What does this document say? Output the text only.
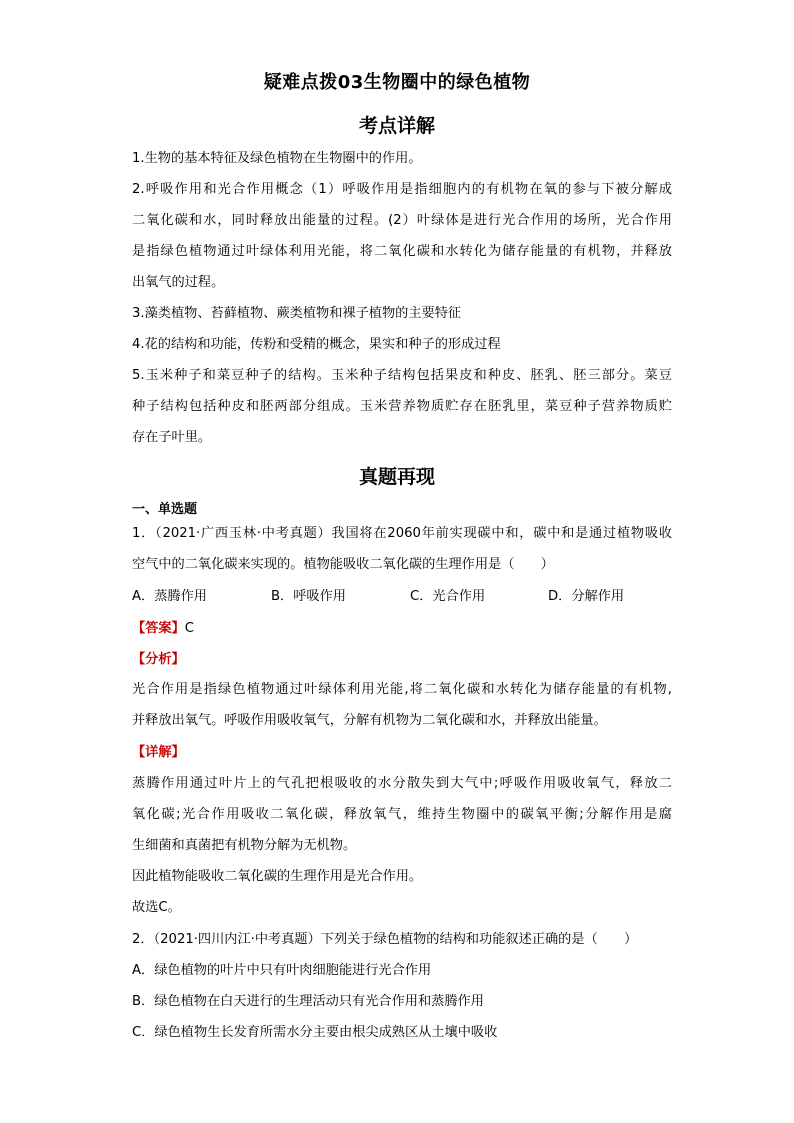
疑难点拨03生物圈中的绿色植物
考点详解
1.生物的基本特征及绿色植物在生物圈中的作用。
2.呼吸作用和光合作用概念（1）呼吸作用是指细胞内的有机物在氧的参与下被分解成
二氧化碳和水，同时释放出能量的过程。(2）叶绿体是进行光合作用的场所，光合作用
是指绿色植物通过叶绿体利用光能，将二氧化碳和水转化为储存能量的有机物，并释放
出氧气的过程。
3.藻类植物、苔藓植物、蕨类植物和裸子植物的主要特征
4.花的结构和功能，传粉和受精的概念，果实和种子的形成过程
5.玉米种子和菜豆种子的结构。玉米种子结构包括果皮和种皮、胚乳、胚三部分。菜豆
种子结构包括种皮和胚两部分组成。玉米营养物质贮存在胚乳里，菜豆种子营养物质贮
存在子叶里。
真题再现
一、单选题
1．（2021·广西玉林·中考真题）我国将在2060年前实现碳中和，碳中和是通过植物吸收
空气中的二氧化碳来实现的。植物能吸收二氧化碳的生理作用是（　　）
A．蒸腾作用	B．呼吸作用	C．光合作用	D．分解作用
【答案】C
【分析】
光合作用是指绿色植物通过叶绿体利用光能,将二氧化碳和水转化为储存能量的有机物,
并释放出氧气。呼吸作用吸收氧气，分解有机物为二氧化碳和水，并释放出能量。
【详解】
蒸腾作用通过叶片上的气孔把根吸收的水分散失到大气中;呼吸作用吸收氧气，释放二
氧化碳;光合作用吸收二氧化碳，释放氧气，维持生物圈中的碳氧平衡;分解作用是腐
生细菌和真菌把有机物分解为无机物。
因此植物能吸收二氧化碳的生理作用是光合作用。
故选C。
2．（2021·四川内江·中考真题）下列关于绿色植物的结构和功能叙述正确的是（　　）
A．绿色植物的叶片中只有叶肉细胞能进行光合作用
B．绿色植物在白天进行的生理活动只有光合作用和蒸腾作用
C．绿色植物生长发育所需水分主要由根尖成熟区从土壤中吸收
